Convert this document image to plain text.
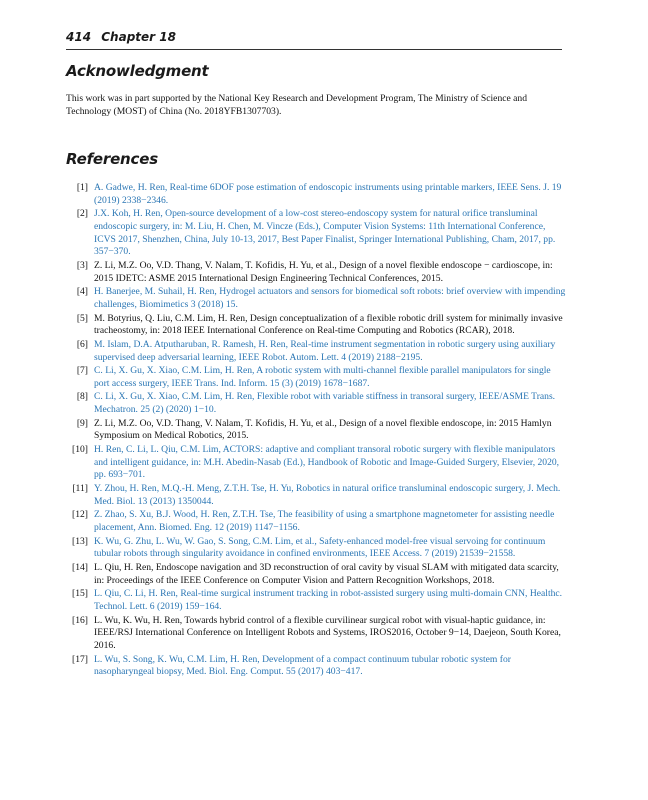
414 Chapter 18
Acknowledgment

This work was in part supported by the National Key Research and Development Program, The Ministry of Science and Technology (MOST) of China (No. 2018YFB1307703).

References
[1] A. Gadwe, H. Ren, Real-time 6DOF pose estimation of endoscopic instruments using printable markers, IEEE Sens. J. 19 (2019) 2338−2346.
[2] J.X. Koh, H. Ren, Open-source development of a low-cost stereo-endoscopy system for natural orifice transluminal endoscopic surgery, in: M. Liu, H. Chen, M. Vincze (Eds.), Computer Vision Systems: 11th International Conference, ICVS 2017, Shenzhen, China, July 10-13, 2017, Best Paper Finalist, Springer International Publishing, Cham, 2017, pp. 357−370.
[3] Z. Li, M.Z. Oo, V.D. Thang, V. Nalam, T. Kofidis, H. Yu, et al., Design of a novel flexible endoscope − cardioscope, in: 2015 IDETC: ASME 2015 International Design Engineering Technical Conferences, 2015.
[4] H. Banerjee, M. Suhail, H. Ren, Hydrogel actuators and sensors for biomedical soft robots: brief overview with impending challenges, Biomimetics 3 (2018) 15.
[5] M. Botyrius, Q. Liu, C.M. Lim, H. Ren, Design conceptualization of a flexible robotic drill system for minimally invasive tracheostomy, in: 2018 IEEE International Conference on Real-time Computing and Robotics (RCAR), 2018.
[6] M. Islam, D.A. Atputharuban, R. Ramesh, H. Ren, Real-time instrument segmentation in robotic surgery using auxiliary supervised deep adversarial learning, IEEE Robot. Autom. Lett. 4 (2019) 2188−2195.
[7] C. Li, X. Gu, X. Xiao, C.M. Lim, H. Ren, A robotic system with multi-channel flexible parallel manipulators for single port access surgery, IEEE Trans. Ind. Inform. 15 (3) (2019) 1678−1687.
[8] C. Li, X. Gu, X. Xiao, C.M. Lim, H. Ren, Flexible robot with variable stiffness in transoral surgery, IEEE/ASME Trans. Mechatron. 25 (2) (2020) 1−10.
[9] Z. Li, M.Z. Oo, V.D. Thang, V. Nalam, T. Kofidis, H. Yu, et al., Design of a novel flexible endoscope, in: 2015 Hamlyn Symposium on Medical Robotics, 2015.
[10] H. Ren, C. Li, L. Qiu, C.M. Lim, ACTORS: adaptive and compliant transoral robotic surgery with flexible manipulators and intelligent guidance, in: M.H. Abedin-Nasab (Ed.), Handbook of Robotic and Image-Guided Surgery, Elsevier, 2020, pp. 693−701.
[11] Y. Zhou, H. Ren, M.Q.-H. Meng, Z.T.H. Tse, H. Yu, Robotics in natural orifice transluminal endoscopic surgery, J. Mech. Med. Biol. 13 (2013) 1350044.
[12] Z. Zhao, S. Xu, B.J. Wood, H. Ren, Z.T.H. Tse, The feasibility of using a smartphone magnetometer for assisting needle placement, Ann. Biomed. Eng. 12 (2019) 1147−1156.
[13] K. Wu, G. Zhu, L. Wu, W. Gao, S. Song, C.M. Lim, et al., Safety-enhanced model-free visual servoing for continuum tubular robots through singularity avoidance in confined environments, IEEE Access. 7 (2019) 21539−21558.
[14] L. Qiu, H. Ren, Endoscope navigation and 3D reconstruction of oral cavity by visual SLAM with mitigated data scarcity, in: Proceedings of the IEEE Conference on Computer Vision and Pattern Recognition Workshops, 2018.
[15] L. Qiu, C. Li, H. Ren, Real-time surgical instrument tracking in robot-assisted surgery using multi-domain CNN, Healthc. Technol. Lett. 6 (2019) 159−164.
[16] L. Wu, K. Wu, H. Ren, Towards hybrid control of a flexible curvilinear surgical robot with visual-haptic guidance, in: IEEE/RSJ International Conference on Intelligent Robots and Systems, IROS2016, October 9−14, Daejeon, South Korea, 2016.
[17] L. Wu, S. Song, K. Wu, C.M. Lim, H. Ren, Development of a compact continuum tubular robotic system for nasopharyngeal biopsy, Med. Biol. Eng. Comput. 55 (2017) 403−417.
